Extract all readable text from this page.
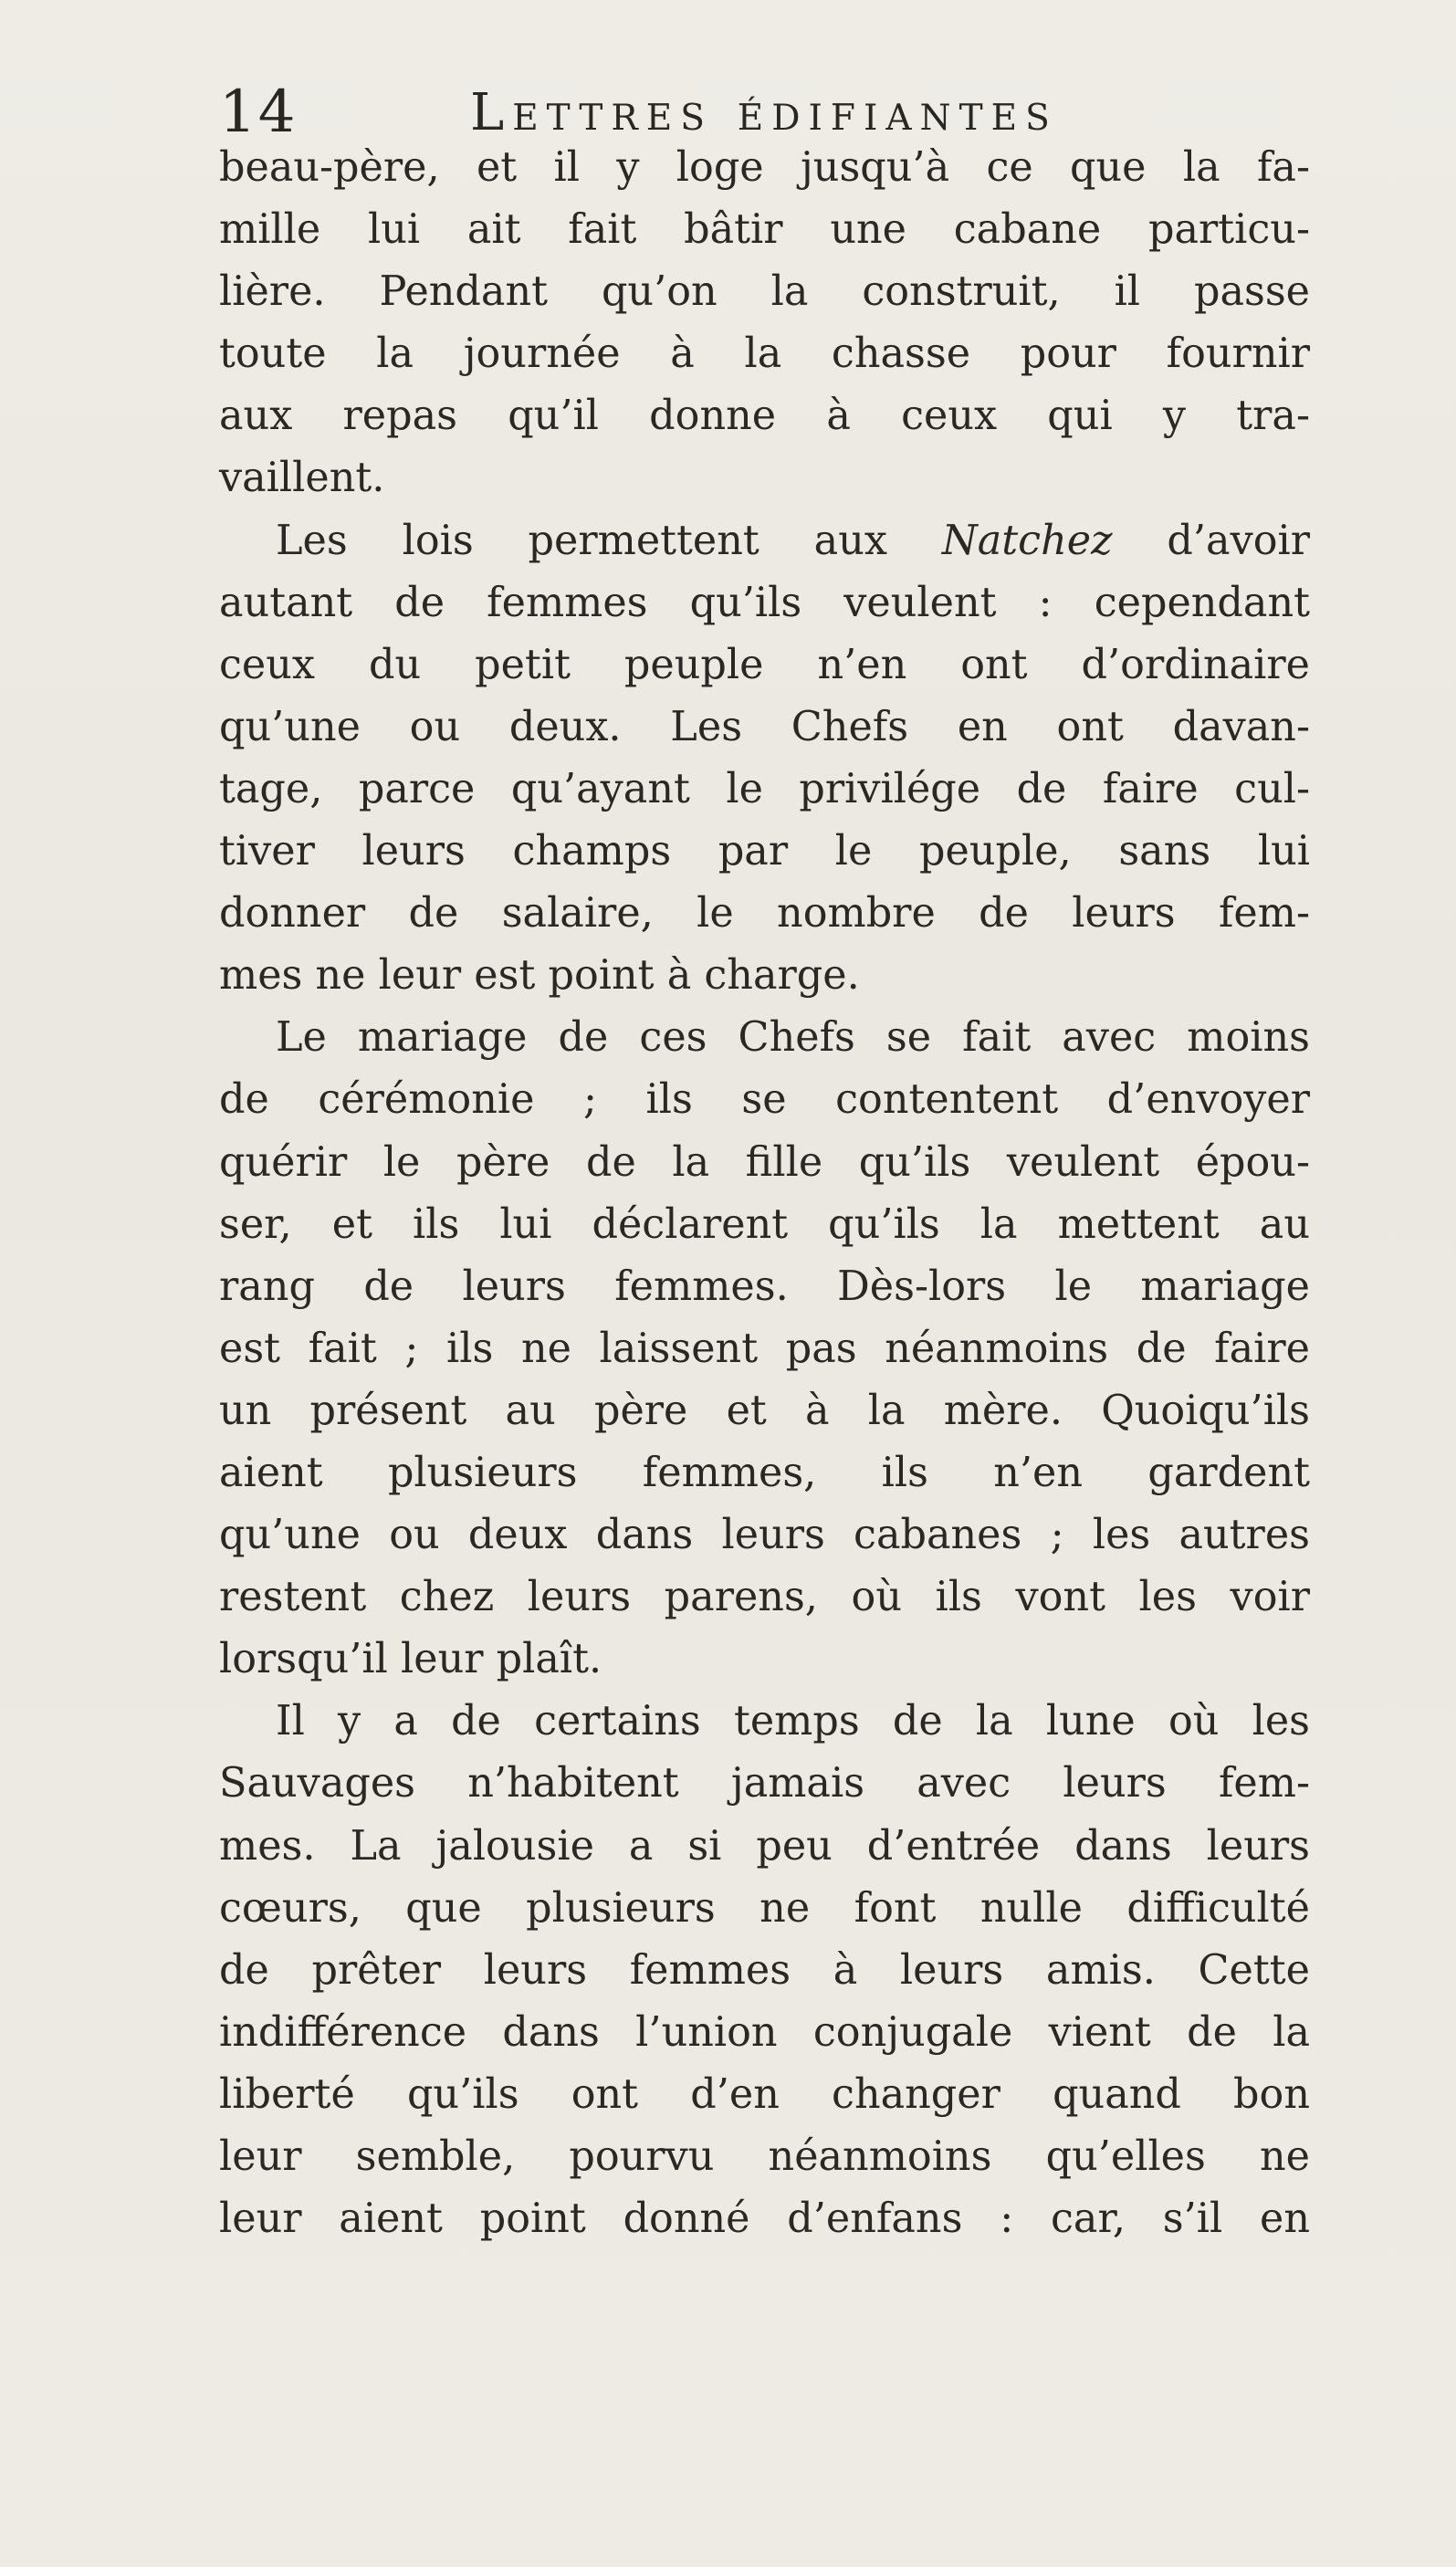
14	Lettres édifiantes
beau-père, et il y loge jusqu’à ce que la fa-
mille lui ait fait bâtir une cabane particu-
lière. Pendant qu’on la construit, il passe
toute la journée à la chasse pour fournir
aux repas qu’il donne à ceux qui y tra-
vaillent.
Les lois permettent aux Natchez d’avoir
autant de femmes qu’ils veulent : cependant
ceux du petit peuple n’en ont d’ordinaire
qu’une ou deux. Les Chefs en ont davan-
tage, parce qu’ayant le privilége de faire cul-
tiver leurs champs par le peuple, sans lui
donner de salaire, le nombre de leurs fem-
mes ne leur est point à charge.
Le mariage de ces Chefs se fait avec moins
de cérémonie ; ils se contentent d’envoyer
quérir le père de la fille qu’ils veulent épou-
ser, et ils lui déclarent qu’ils la mettent au
rang de leurs femmes. Dès-lors le mariage
est fait ; ils ne laissent pas néanmoins de faire
un présent au père et à la mère. Quoiqu’ils
aient plusieurs femmes, ils n’en gardent
qu’une ou deux dans leurs cabanes ; les autres
restent chez leurs parens, où ils vont les voir
lorsqu’il leur plaît.
Il y a de certains temps de la lune où les
Sauvages n’habitent jamais avec leurs fem-
mes. La jalousie a si peu d’entrée dans leurs
cœurs, que plusieurs ne font nulle difficulté
de prêter leurs femmes à leurs amis. Cette
indifférence dans l’union conjugale vient de la
liberté qu’ils ont d’en changer quand bon
leur semble, pourvu néanmoins qu’elles ne
leur aient point donné d’enfans : car, s’il en
